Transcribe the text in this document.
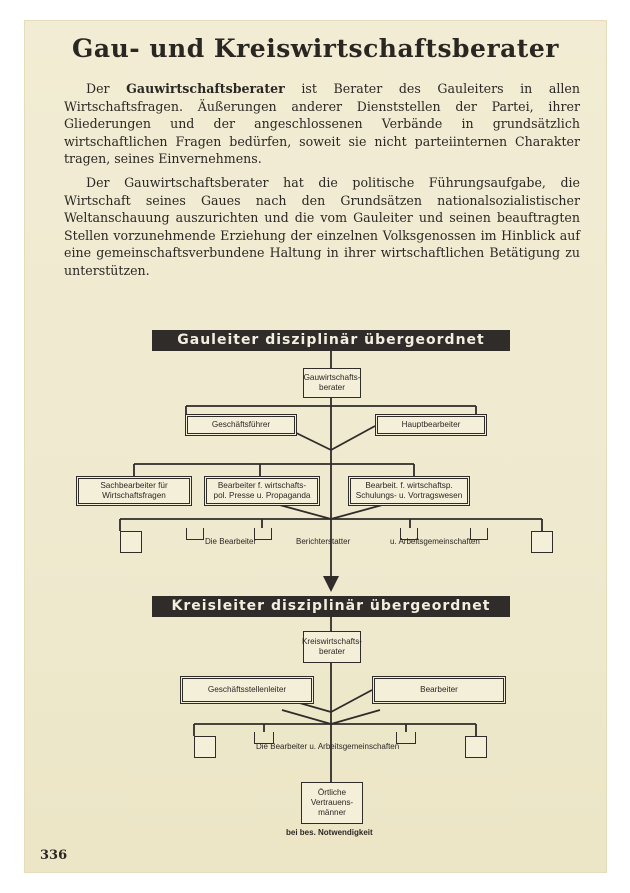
Gau- und Kreiswirtschaftsberater
Der Gauwirtschaftsberater ist Berater des Gauleiters in allen Wirtschaftsfragen. Äußerungen anderer Dienststellen der Partei, ihrer Gliederungen und der angeschlossenen Verbände in grundsätzlich wirtschaftlichen Fragen bedürfen, soweit sie nicht parteiinternen Charakter tragen, seines Einvernehmens.
Der Gauwirtschaftsberater hat die politische Führungsaufgabe, die Wirtschaft seines Gaues nach den Grundsätzen nationalsozialistischer Weltanschauung auszurichten und die vom Gauleiter und seinen beauftragten Stellen vorzunehmende Erziehung der einzelnen Volksgenossen im Hinblick auf eine gemeinschaftsverbundene Haltung in ihrer wirtschaftlichen Betätigung zu unterstützen.
Gauleiter disziplinär übergeordnet
Gauwirtschafts-
berater
Geschäftsführer	Hauptbearbeiter
Sachbearbeiter für
Wirtschaftsfragen
Bearbeiter f. wirtschafts-
pol. Presse u. Propaganda
Bearbeit. f. wirtschaftsp.
Schulungs- u. Vortragswesen
Die Bearbeiter	Berichterstatter	u. Arbeitsgemeinschaften
Kreisleiter disziplinär übergeordnet
Kreiswirtschafts-
berater
Geschäftsstellenleiter	Bearbeiter
Die Bearbeiter u. Arbeitsgemeinschaften
Örtliche
Vertrauens-
männer
bei bes. Notwendigkeit
336
